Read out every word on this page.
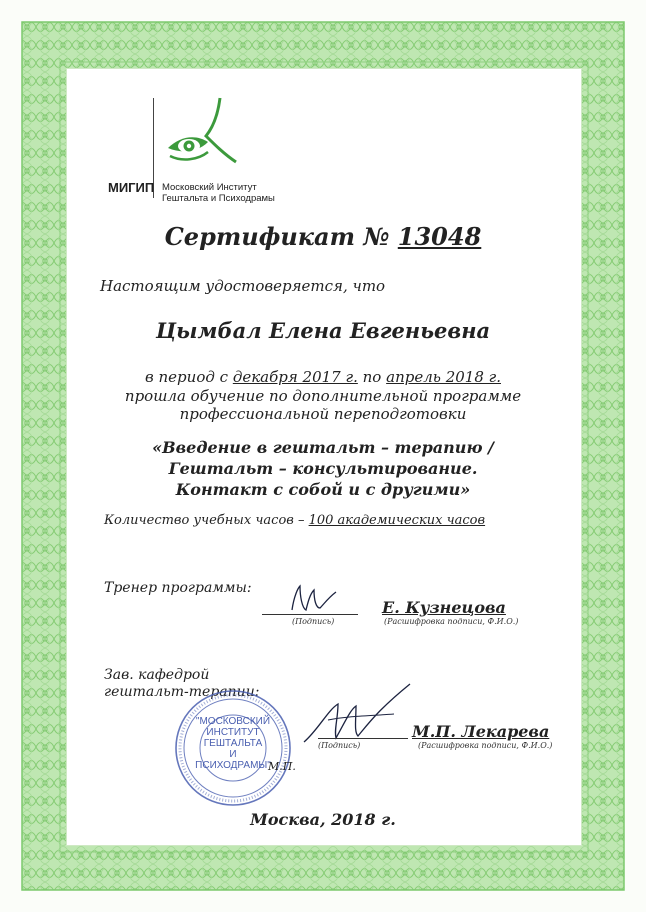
МИГИП Московский Институт
Гештальта и Психодрамы
Сертификат № 13048
Настоящим удостоверяется, что
Цымбал Елена Евгеньевна
в период с декабря 2017 г. по апрель 2018 г.
прошла обучение по дополнительной программе
профессиональной переподготовки
«Введение в гештальт – терапию /
Гештальт – консультирование.
Контакт с собой и с другими»
Количество учебных часов – 100 академических часов
Тренер программы:
(Подпись)
Е. Кузнецова
(Расшифровка подписи, Ф.И.О.)
Зав. кафедрой
гештальт-терапии:
"МОСКОВСКИЙ
ИНСТИТУТ
ГЕШТАЛЬТА
И
ПСИХОДРАМЫ"
(Подпись)
М.П. Лекарева
(Расшифровка подписи, Ф.И.О.)
М.П.
Москва, 2018 г.
